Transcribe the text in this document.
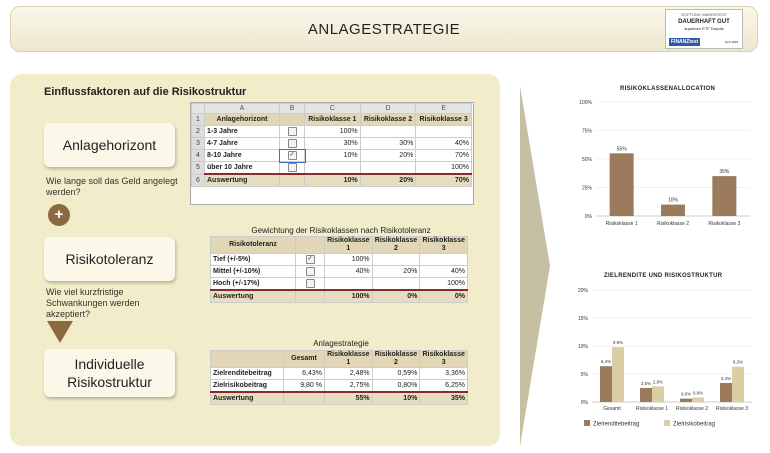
ANLAGESTRATEGIE
STIFTUNG WARENTEST
DAUERHAFT GUT
superioro ETF Depots
FINANZtest	Heft 2009
Einflussfaktoren auf die Risikostruktur
Anlagehorizont
Wie lange soll das Geld angelegt werden?
+
Risikotoleranz
Wie viel kurzfristige Schwankungen werden akzeptiert?
Individuelle
Risikostruktur
	A	B	C	D	E
1	Anlagehorizont		Risikoklasse 1	Risikoklasse 2	Risikoklasse 3
2	1-3 Jahre		100%		
3	4-7 Jahre		30%	30%	40%
4	8-10 Jahre	✓	10%	20%	70%
5	über 10 Jahre				100%
6	Auswertung		10%	20%	70%
Gewichtung der Risikoklassen nach Risikotoleranz
Risikotoleranz		Risikoklasse 1	Risikoklasse 2	Risikoklasse 3
Tief (+/-5%)	✓	100%		
Mittel (+/-10%)		40%	20%	40%
Hoch (+/-17%)				100%
Auswertung		100%	0%	0%
Anlagestrategie
	Gesamt	Risikoklasse 1	Risikoklasse 2	Risikoklasse 3
Zielrenditebeitrag	6,43%	2,48%	0,59%	3,36%
Zielrisikobeitrag	9,80 %	2,75%	0,80%	6,25%
Auswertung		55%	10%	35%
RISIKOKLASSENALLOCATION
0%
25%
50%
75%
100%
55%
Risikoklasse 1
10%
Risikoklasse 2
35%
Risikoklasse 3
ZIELRENDITE UND RISIKOSTRUKTUR
0%
5%
10%
15%
20%
6,4%
9,8%
Gesamt
2,5% 2,8%
Risikoklasse 1
0,6% 0,8%
Risikoklasse 2
3,4%
6,3%
Risikoklasse 3
Zielrenditebeitrag	Zielrisikobeitrag
